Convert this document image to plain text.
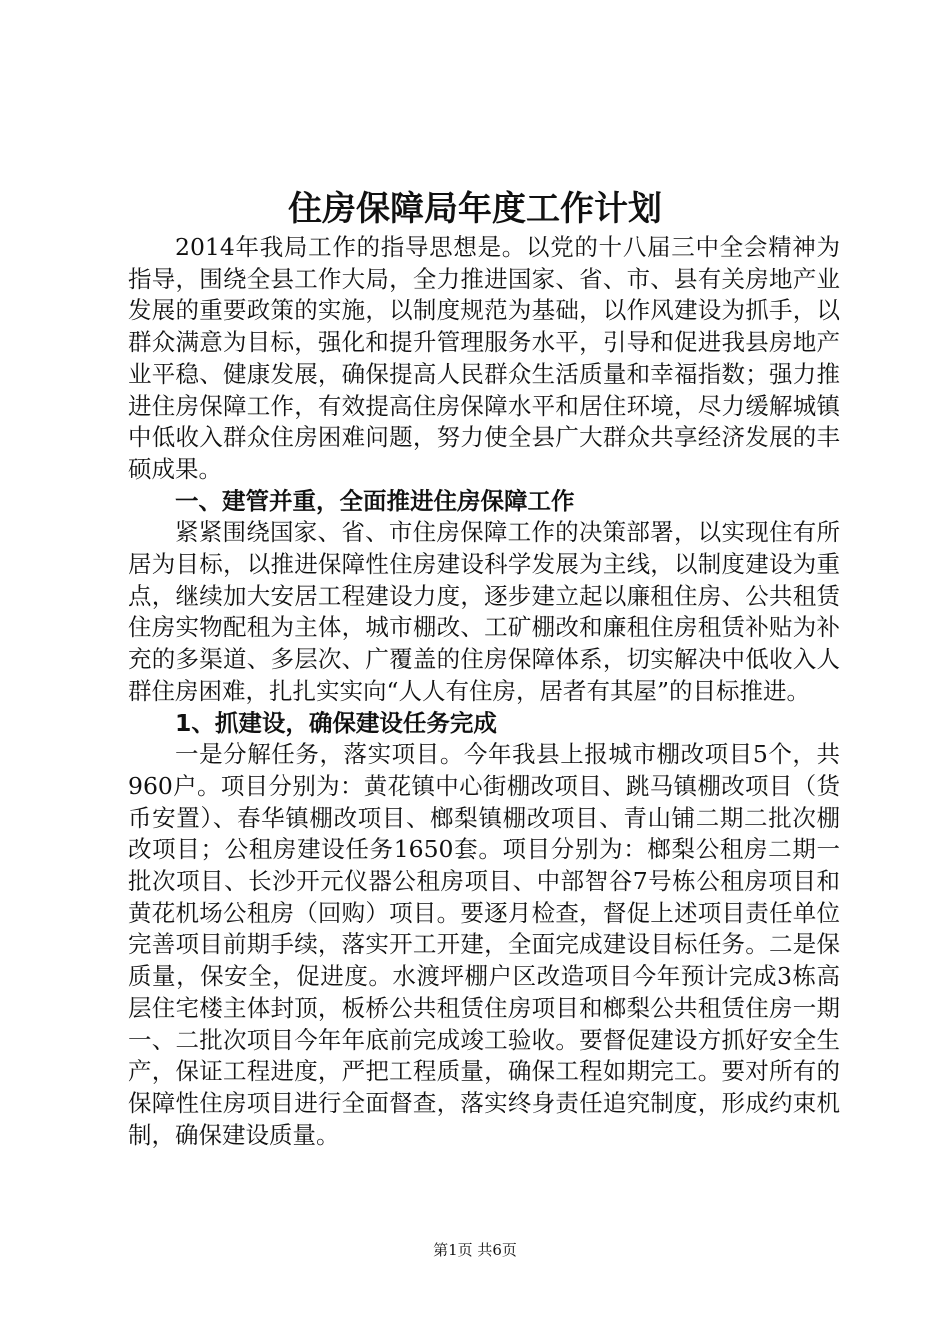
住房保障局年度工作计划

2014年我局工作的指导思想是。以党的十八届三中全会精神为指导，围绕全县工作大局，全力推进国家、省、市、县有关房地产业发展的重要政策的实施，以制度规范为基础，以作风建设为抓手，以群众满意为目标，强化和提升管理服务水平，引导和促进我县房地产业平稳、健康发展，确保提高人民群众生活质量和幸福指数；强力推进住房保障工作，有效提高住房保障水平和居住环境，尽力缓解城镇中低收入群众住房困难问题，努力使全县广大群众共享经济发展的丰硕成果。

一、建管并重，全面推进住房保障工作

紧紧围绕国家、省、市住房保障工作的决策部署，以实现住有所居为目标，以推进保障性住房建设科学发展为主线，以制度建设为重点，继续加大安居工程建设力度，逐步建立起以廉租住房、公共租赁住房实物配租为主体，城市棚改、工矿棚改和廉租住房租赁补贴为补充的多渠道、多层次、广覆盖的住房保障体系，切实解决中低收入人群住房困难，扎扎实实向“人人有住房，居者有其屋”的目标推进。

1、抓建设，确保建设任务完成

一是分解任务，落实项目。今年我县上报城市棚改项目5个，共960户。项目分别为：黄花镇中心街棚改项目、跳马镇棚改项目（货币安置）、春华镇棚改项目、榔梨镇棚改项目、青山铺二期二批次棚改项目；公租房建设任务1650套。项目分别为：榔梨公租房二期一批次项目、长沙开元仪器公租房项目、中部智谷7号栋公租房项目和黄花机场公租房（回购）项目。要逐月检查，督促上述项目责任单位完善项目前期手续，落实开工开建，全面完成建设目标任务。二是保质量，保安全，促进度。水渡坪棚户区改造项目今年预计完成3栋高层住宅楼主体封顶，板桥公共租赁住房项目和榔梨公共租赁住房一期一、二批次项目今年年底前完成竣工验收。要督促建设方抓好安全生产，保证工程进度，严把工程质量，确保工程如期完工。要对所有的保障性住房项目进行全面督查，落实终身责任追究制度，形成约束机制，确保建设质量。

第1页 共6页
